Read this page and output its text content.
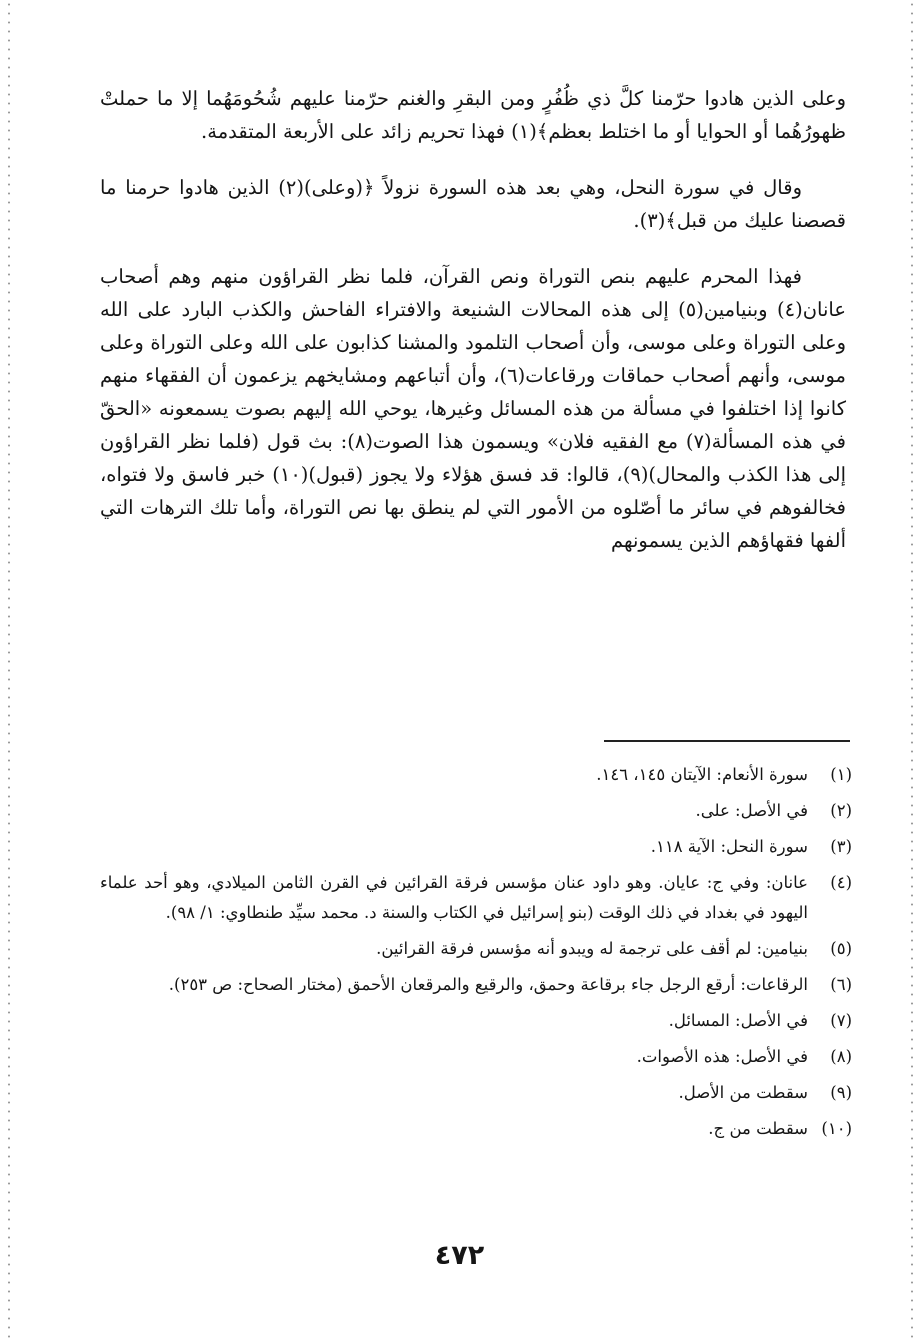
وعلى الذين هادوا حرّمنا كلَّ ذي ظُفُرٍ ومن البقرِ والغنم حرّمنا عليهم شُحُومَهُما إلا ما حملتْ ظهورُهُما أو الحوايا أو ما اختلط بعظم﴾(١) فهذا تحريم زائد على الأربعة المتقدمة.

وقال في سورة النحل، وهي بعد هذه السورة نزولاً ﴿(وعلى)(٢) الذين هادوا حرمنا ما قصصنا عليك من قبل﴾(٣).

فهذا المحرم عليهم بنص التوراة ونص القرآن، فلما نظر القراؤون منهم وهم أصحاب عانان(٤) وبنيامين(٥) إلى هذه المحالات الشنيعة والافتراء الفاحش والكذب البارد على الله وعلى التوراة وعلى موسى، وأن أصحاب التلمود والمشنا كذابون على الله وعلى التوراة وعلى موسى، وأنهم أصحاب حماقات ورقاعات(٦)، وأن أتباعهم ومشايخهم يزعمون أن الفقهاء منهم كانوا إذا اختلفوا في مسألة من هذه المسائل وغيرها، يوحي الله إليهم بصوت يسمعونه «الحقّ في هذه المسألة(٧) مع الفقيه فلان» ويسمون هذا الصوت(٨): بث قول (فلما نظر القراؤون إلى هذا الكذب والمحال)(٩)، قالوا: قد فسق هؤلاء ولا يجوز (قبول)(١٠) خبر فاسق ولا فتواه، فخالفوهم في سائر ما أصّلوه من الأمور التي لم ينطق بها نص التوراة، وأما تلك الترهات التي ألفها فقهاؤهم الذين يسمونهم

(١)
سورة الأنعام: الآيتان ١٤٥، ١٤٦.
(٢)
في الأصل: على.
(٣)
سورة النحل: الآية ١١٨.
(٤)
عانان: وفي ج: عايان. وهو داود عنان مؤسس فرقة القرائين في القرن الثامن الميلادي، وهو أحد علماء اليهود في بغداد في ذلك الوقت (بنو إسرائيل في الكتاب والسنة د. محمد سيِّد طنطاوي: ١/ ٩٨).
(٥)
بنيامين: لم أقف على ترجمة له ويبدو أنه مؤسس فرقة القرائين.
(٦)
الرقاعات: أرقع الرجل جاء برقاعة وحمق، والرقيع والمرقعان الأحمق (مختار الصحاح: ص ٢٥٣).
(٧)
في الأصل: المسائل.
(٨)
في الأصل: هذه الأصوات.
(٩)
سقطت من الأصل.
(١٠)
سقطت من ج.
٤٧٢
